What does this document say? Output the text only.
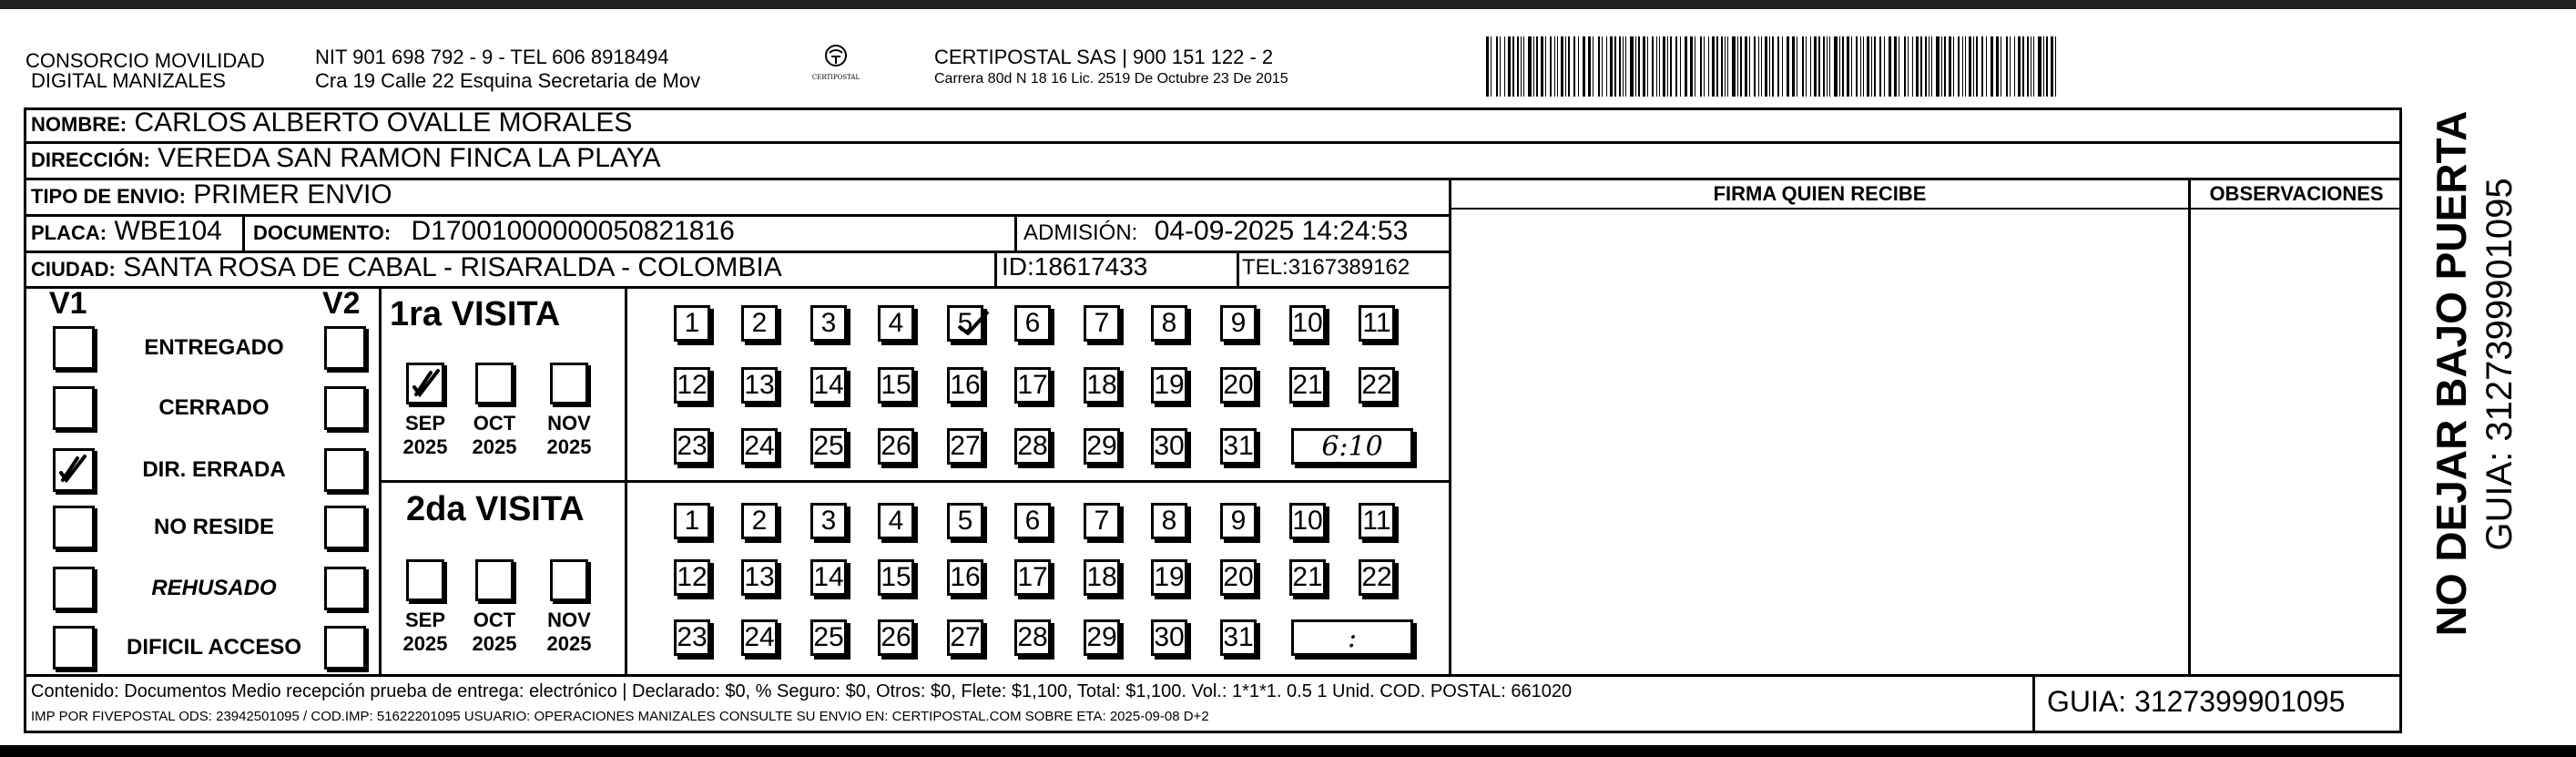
CONSORCIO MOVILIDAD
DIGITAL MANIZALES
NIT 901 698 792 - 9 - TEL 606 8918494
Cra 19 Calle 22 Esquina Secretaria de Mov	CERTIPOSTAL
CERTIPOSTAL SAS | 900 151 122 - 2
Carrera 80d N 18 16 Lic. 2519 De Octubre 23 De 2015
NOMBRE: CARLOS ALBERTO OVALLE MORALES
DIRECCIÓN: VEREDA SAN RAMON FINCA LA PLAYA
TIPO DE ENVIO: PRIMER ENVIO	FIRMA QUIEN RECIBE	OBSERVACIONES
PLACA: WBE104 DOCUMENTO: D17001000000050821816	ADMISIÓN: 04-09-2025 14:24:53
CIUDAD: SANTA ROSA DE CABAL - RISARALDA - COLOMBIA	ID:18617433	TEL:3167389162
V1	V2
ENTREGADO
CERRADO
DIR. ERRADA
NO RESIDE
REHUSADO
DIFICIL ACCESO
1ra VISITA
2da VISITA
SEP
2025
OCT
2025
NOV
2025
SEP
2025
OCT
2025
NOV
2025
1 2 3 4 5 6 7 8 9 10 11
12 13 14 15 16 17 18 19 20 21 22
23 24 25 26 27 28 29 30 31	6:10
1 2 3 4 5 6 7 8 9 10 11
12 13 14 15 16 17 18 19 20 21 22
23 24 25 26 27 28 29 30 31	:
Contenido: Documentos Medio recepción prueba de entrega: electrónico | Declarado: $0, % Seguro: $0, Otros: $0, Flete: $1,100, Total: $1,100. Vol.: 1*1*1. 0.5 1 Unid. COD. POSTAL: 661020
IMP POR FIVEPOSTAL ODS: 23942501095 / COD.IMP: 51622201095 USUARIO: OPERACIONES MANIZALES CONSULTE SU ENVIO EN: CERTIPOSTAL.COM SOBRE ETA: 2025-09-08 D+2	GUIA: 3127399901095
NO DEJAR BAJO PUERTA GUIA: 3127399901095
